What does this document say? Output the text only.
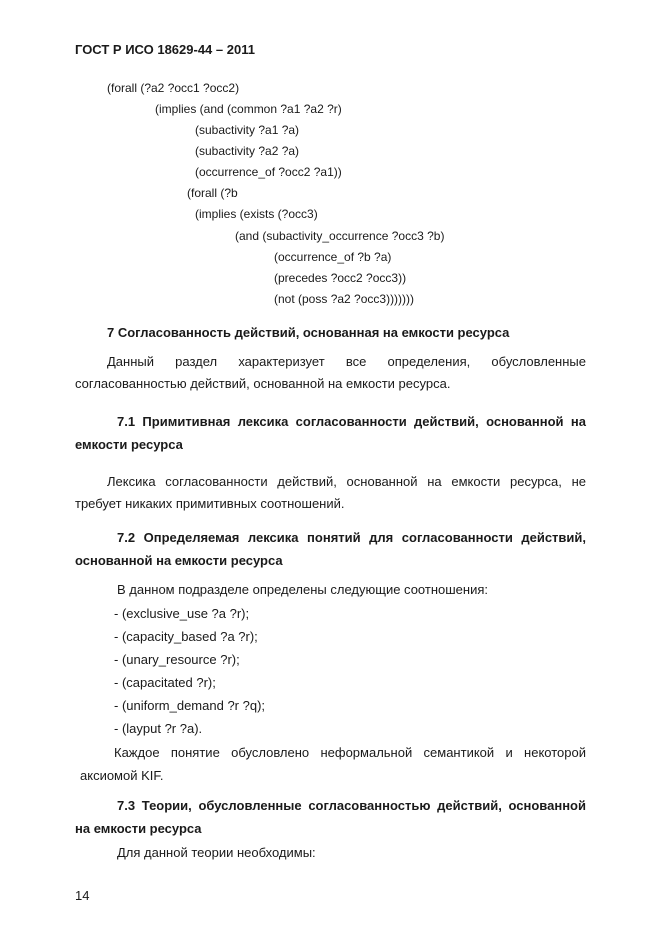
ГОСТ Р ИСО 18629-44 – 2011
(forall (?a2 ?occ1 ?occ2)
(implies (and (common ?a1 ?a2 ?r)
(subactivity ?a1 ?a)
(subactivity ?a2 ?a)
(occurrence_of ?occ2 ?a1))
(forall (?b
(implies (exists (?occ3)
(and (subactivity_occurrence ?occ3 ?b)
(occurrence_of ?b ?a)
(precedes ?occ2 ?occ3))
(not (poss ?a2 ?occ3)))))))
7 Согласованность действий, основанная на емкости ресурса
Данный раздел характеризует все определения, обусловленные
согласованностью действий, основанной на емкости ресурса.
7.1 Примитивная лексика согласованности действий, основанной на
емкости ресурса
Лексика согласованности действий, основанной на емкости ресурса, не
требует никаких примитивных соотношений.
7.2 Определяемая лексика понятий для согласованности действий,
основанной на емкости ресурса
В данном подразделе определены следующие соотношения:
- (exclusive_use ?a ?r);
- (capacity_based ?a ?r);
- (unary_resource ?r);
- (capacitated ?r);
- (uniform_demand ?r ?q);
- (layput ?r ?a).
Каждое понятие обусловлено неформальной семантикой и некоторой
аксиомой KIF.
7.3 Теории, обусловленные согласованностью действий, основанной
на емкости ресурса
Для данной теории необходимы:
14
